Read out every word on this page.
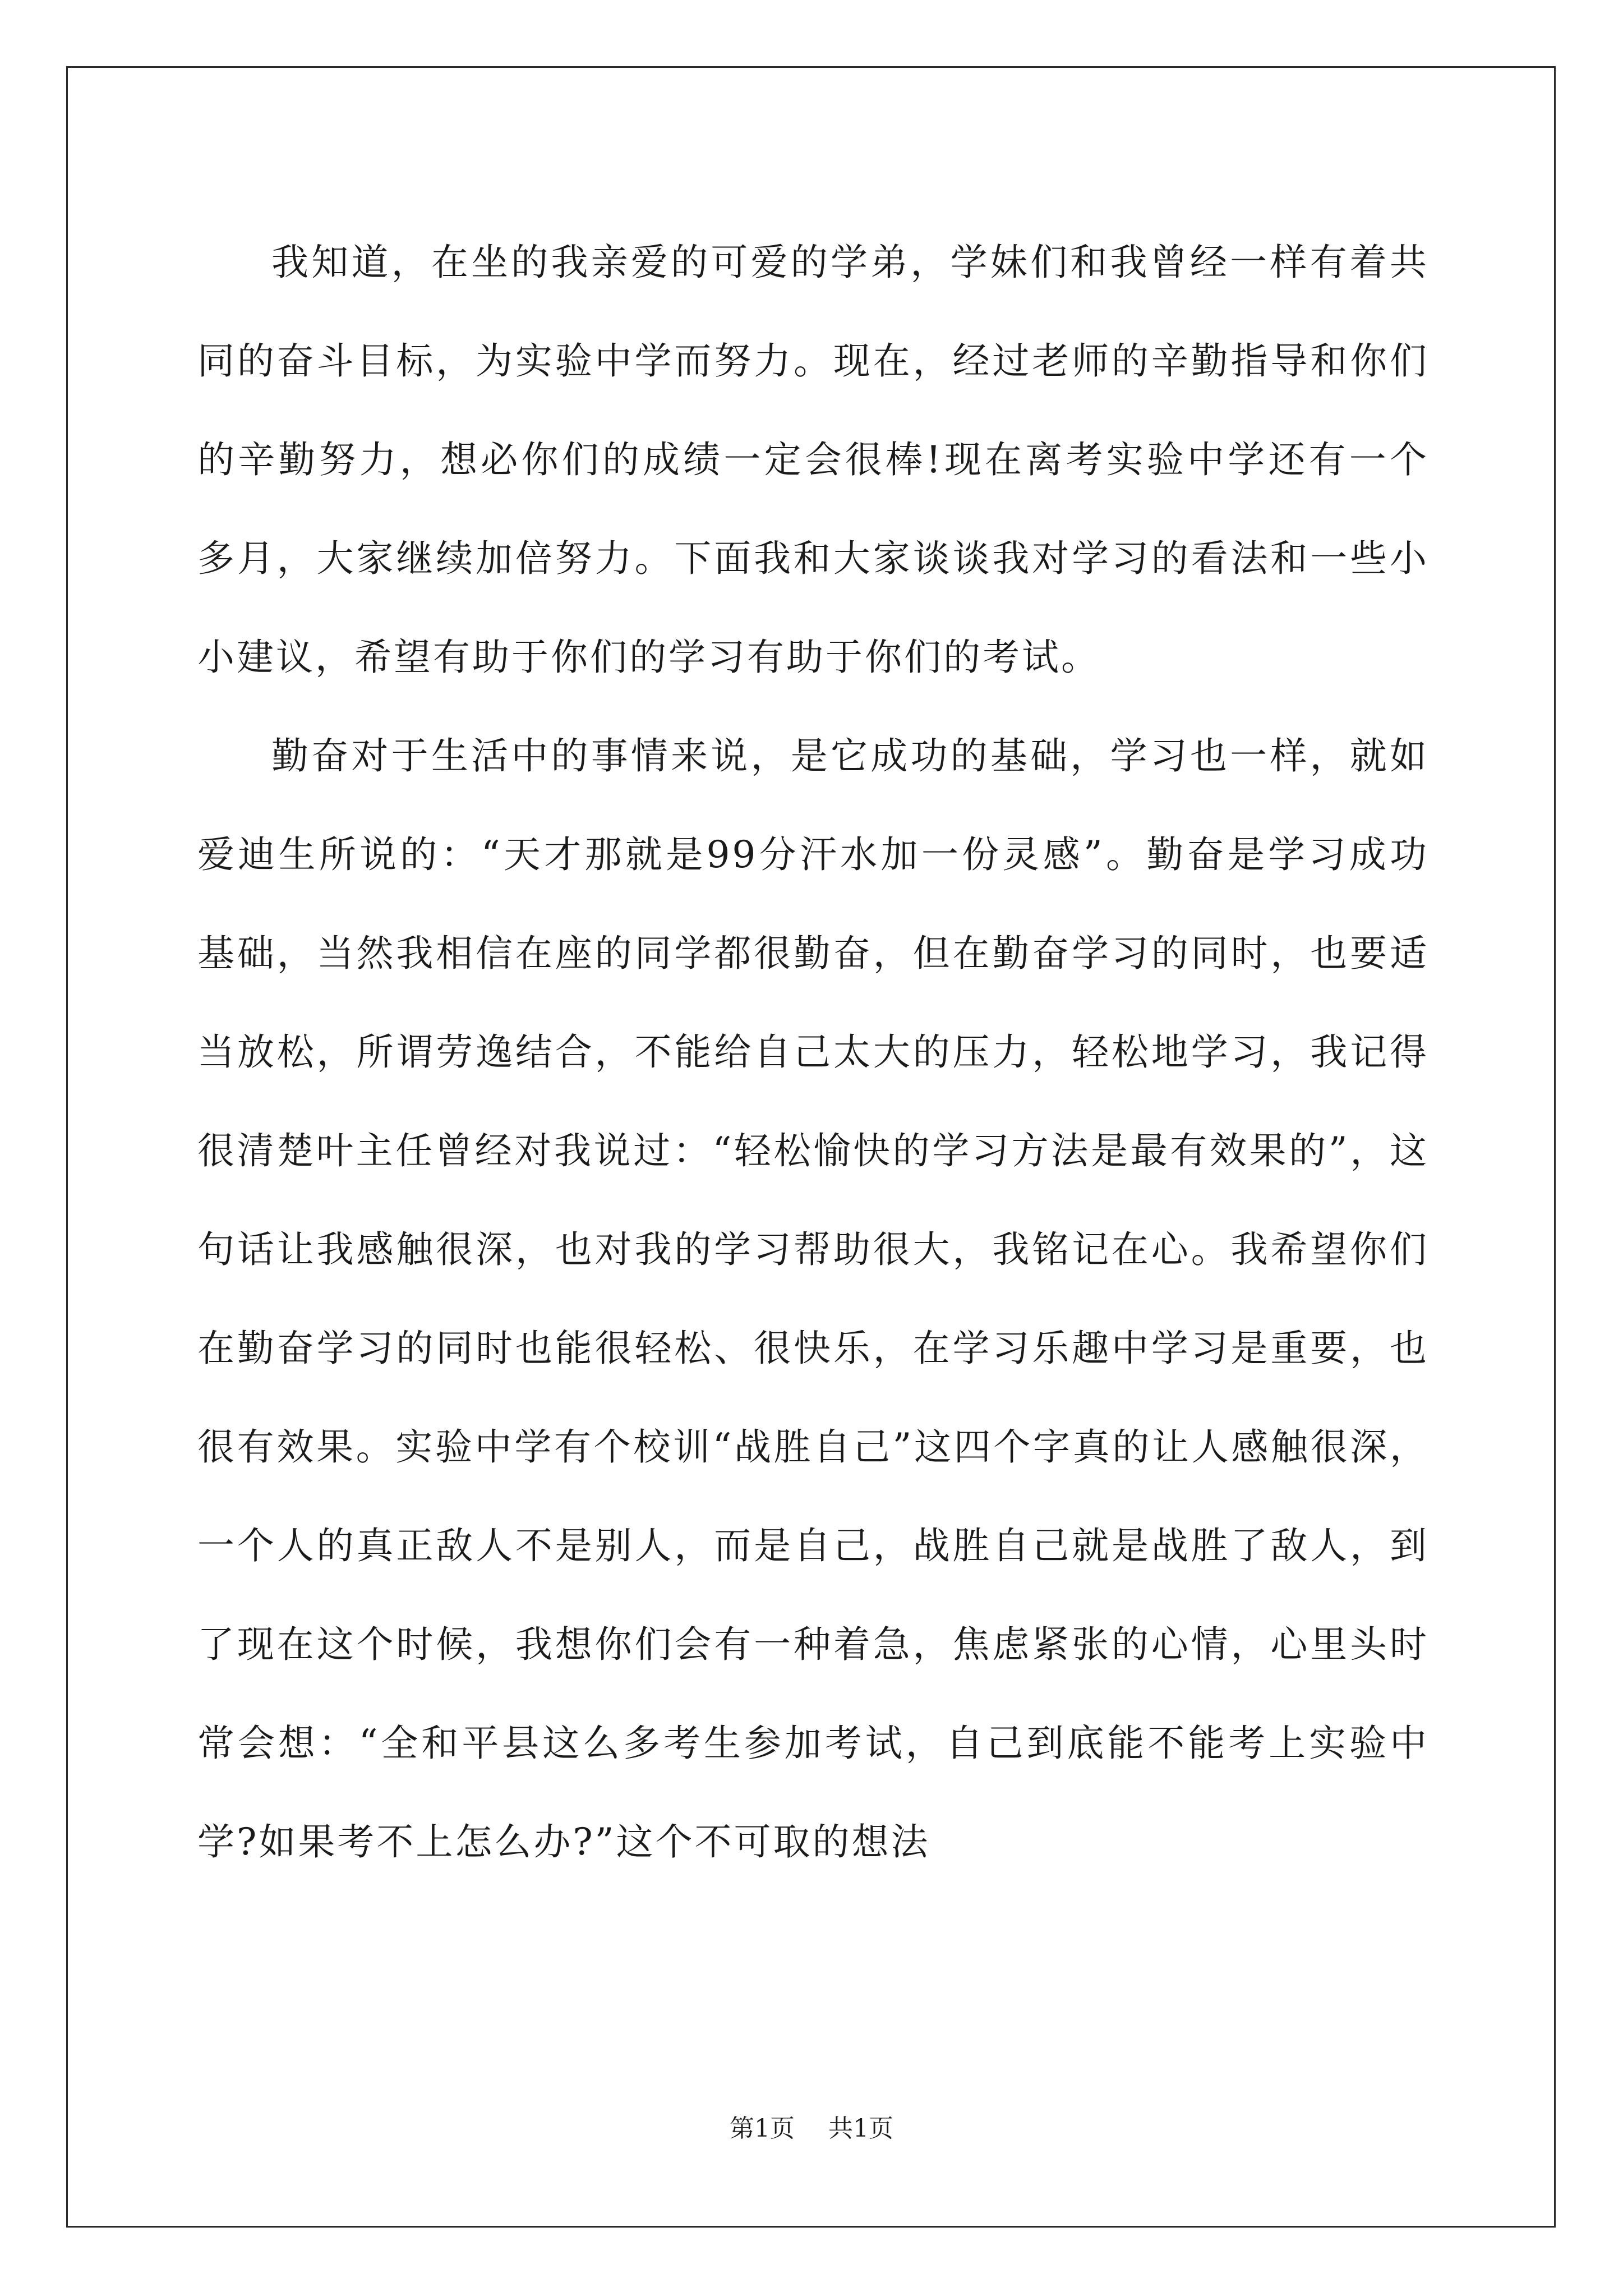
我知道，在坐的我亲爱的可爱的学弟，学妹们和我曾经一样有着共同的奋斗目标，为实验中学而努力。现在，经过老师的辛勤指导和你们的辛勤努力，想必你们的成绩一定会很棒!现在离考实验中学还有一个多月，大家继续加倍努力。下面我和大家谈谈我对学习的看法和一些小小建议，希望有助于你们的学习有助于你们的考试。

勤奋对于生活中的事情来说，是它成功的基础，学习也一样，就如爱迪生所说的：“天才那就是99分汗水加一份灵感”。勤奋是学习成功基础，当然我相信在座的同学都很勤奋，但在勤奋学习的同时，也要适当放松，所谓劳逸结合，不能给自己太大的压力，轻松地学习，我记得很清楚叶主任曾经对我说过：“轻松愉快的学习方法是最有效果的”，这句话让我感触很深，也对我的学习帮助很大，我铭记在心。我希望你们在勤奋学习的同时也能很轻松、很快乐，在学习乐趣中学习是重要，也很有效果。实验中学有个校训“战胜自己”这四个字真的让人感触很深，一个人的真正敌人不是别人，而是自己，战胜自己就是战胜了敌人，到了现在这个时候，我想你们会有一种着急，焦虑紧张的心情，心里头时常会想：“全和平县这么多考生参加考试，自己到底能不能考上实验中学?如果考不上怎么办?”这个不可取的想法

第1页 共1页
